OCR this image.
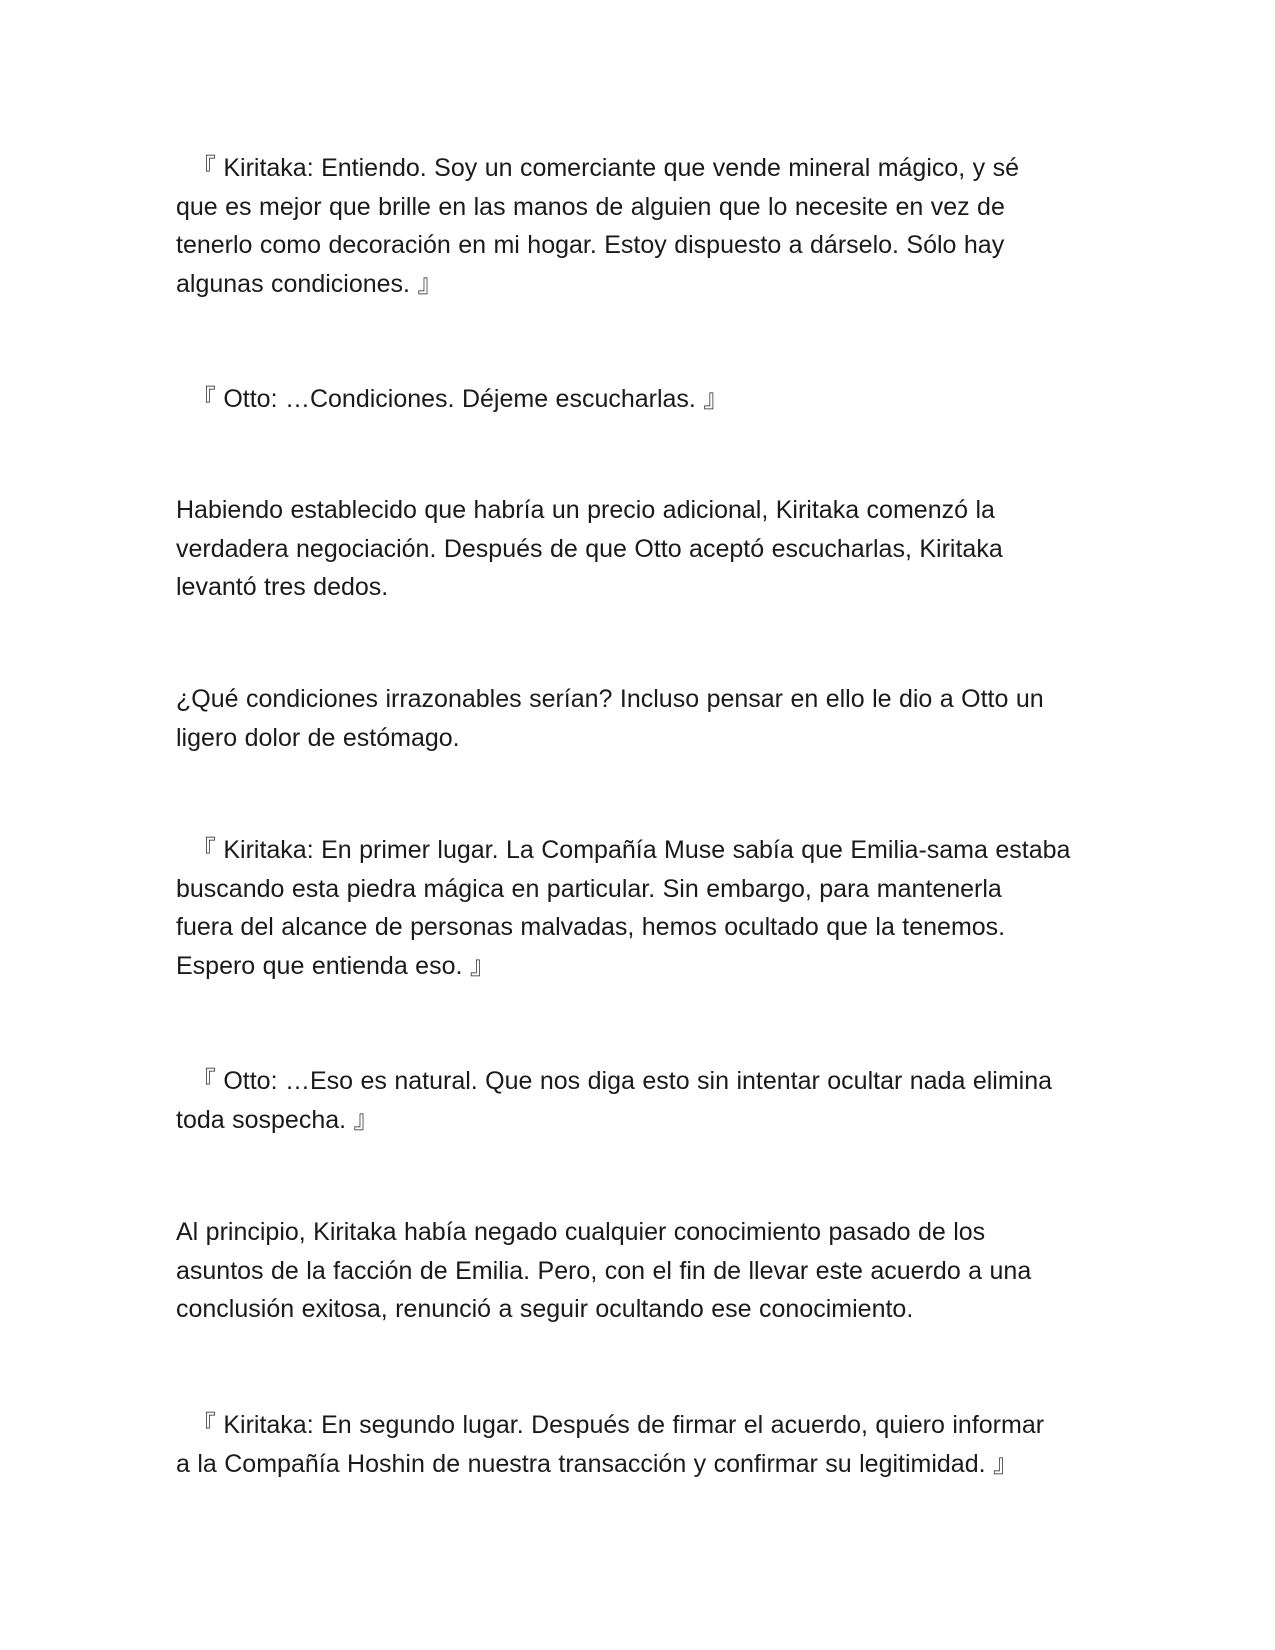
『 Kiritaka: Entiendo. Soy un comerciante que vende mineral mágico, y sé
que es mejor que brille en las manos de alguien que lo necesite en vez de
tenerlo como decoración en mi hogar. Estoy dispuesto a dárselo. Sólo hay
algunas condiciones. 』

『 Otto: …Condiciones. Déjeme escucharlas. 』

Habiendo establecido que habría un precio adicional, Kiritaka comenzó la
verdadera negociación. Después de que Otto aceptó escucharlas, Kiritaka
levantó tres dedos.

¿Qué condiciones irrazonables serían? Incluso pensar en ello le dio a Otto un
ligero dolor de estómago.

『 Kiritaka: En primer lugar. La Compañía Muse sabía que Emilia-sama estaba
buscando esta piedra mágica en particular. Sin embargo, para mantenerla
fuera del alcance de personas malvadas, hemos ocultado que la tenemos.
Espero que entienda eso. 』

『 Otto: …Eso es natural. Que nos diga esto sin intentar ocultar nada elimina
toda sospecha. 』

Al principio, Kiritaka había negado cualquier conocimiento pasado de los
asuntos de la facción de Emilia. Pero, con el fin de llevar este acuerdo a una
conclusión exitosa, renunció a seguir ocultando ese conocimiento.

『 Kiritaka: En segundo lugar. Después de firmar el acuerdo, quiero informar
a la Compañía Hoshin de nuestra transacción y confirmar su legitimidad. 』
